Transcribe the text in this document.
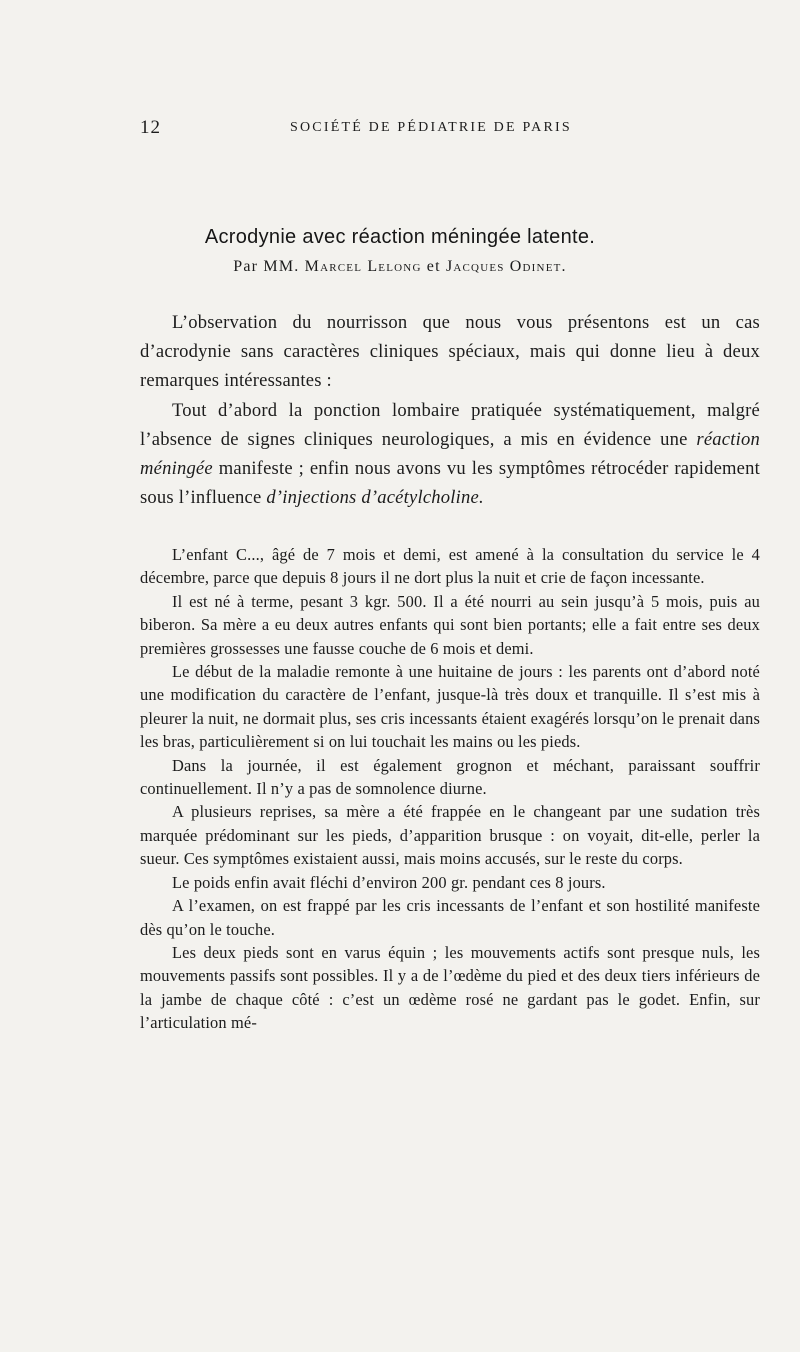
12	SOCIÉTÉ DE PÉDIATRIE DE PARIS
Acrodynie avec réaction méningée latente.
Par MM. Marcel Lelong et Jacques Odinet.

L’observation du nourrisson que nous vous présentons est un cas d’acrodynie sans caractères cliniques spéciaux, mais qui donne lieu à deux remarques intéressantes :

Tout d’abord la ponction lombaire pratiquée systématiquement, malgré l’absence de signes cliniques neurologiques, a mis en évidence une réaction méningée manifeste ; enfin nous avons vu les symptômes rétrocéder rapidement sous l’influence d’injections d’acétylcholine.

L’enfant C..., âgé de 7 mois et demi, est amené à la consultation du service le 4 décembre, parce que depuis 8 jours il ne dort plus la nuit et crie de façon incessante.

Il est né à terme, pesant 3 kgr. 500. Il a été nourri au sein jusqu’à 5 mois, puis au biberon. Sa mère a eu deux autres enfants qui sont bien portants; elle a fait entre ses deux premières grossesses une fausse couche de 6 mois et demi.

Le début de la maladie remonte à une huitaine de jours : les parents ont d’abord noté une modification du caractère de l’enfant, jusque-là très doux et tranquille. Il s’est mis à pleurer la nuit, ne dormait plus, ses cris incessants étaient exagérés lorsqu’on le prenait dans les bras, particulièrement si on lui touchait les mains ou les pieds.

Dans la journée, il est également grognon et méchant, paraissant souffrir continuellement. Il n’y a pas de somnolence diurne.

A plusieurs reprises, sa mère a été frappée en le changeant par une sudation très marquée prédominant sur les pieds, d’apparition brusque : on voyait, dit-elle, perler la sueur. Ces symptômes existaient aussi, mais moins accusés, sur le reste du corps.

Le poids enfin avait fléchi d’environ 200 gr. pendant ces 8 jours.

A l’examen, on est frappé par les cris incessants de l’enfant et son hostilité manifeste dès qu’on le touche.

Les deux pieds sont en varus équin ; les mouvements actifs sont presque nuls, les mouvements passifs sont possibles. Il y a de l’œdème du pied et des deux tiers inférieurs de la jambe de chaque côté : c’est un œdème rosé ne gardant pas le godet. Enfin, sur l’articulation mé-
